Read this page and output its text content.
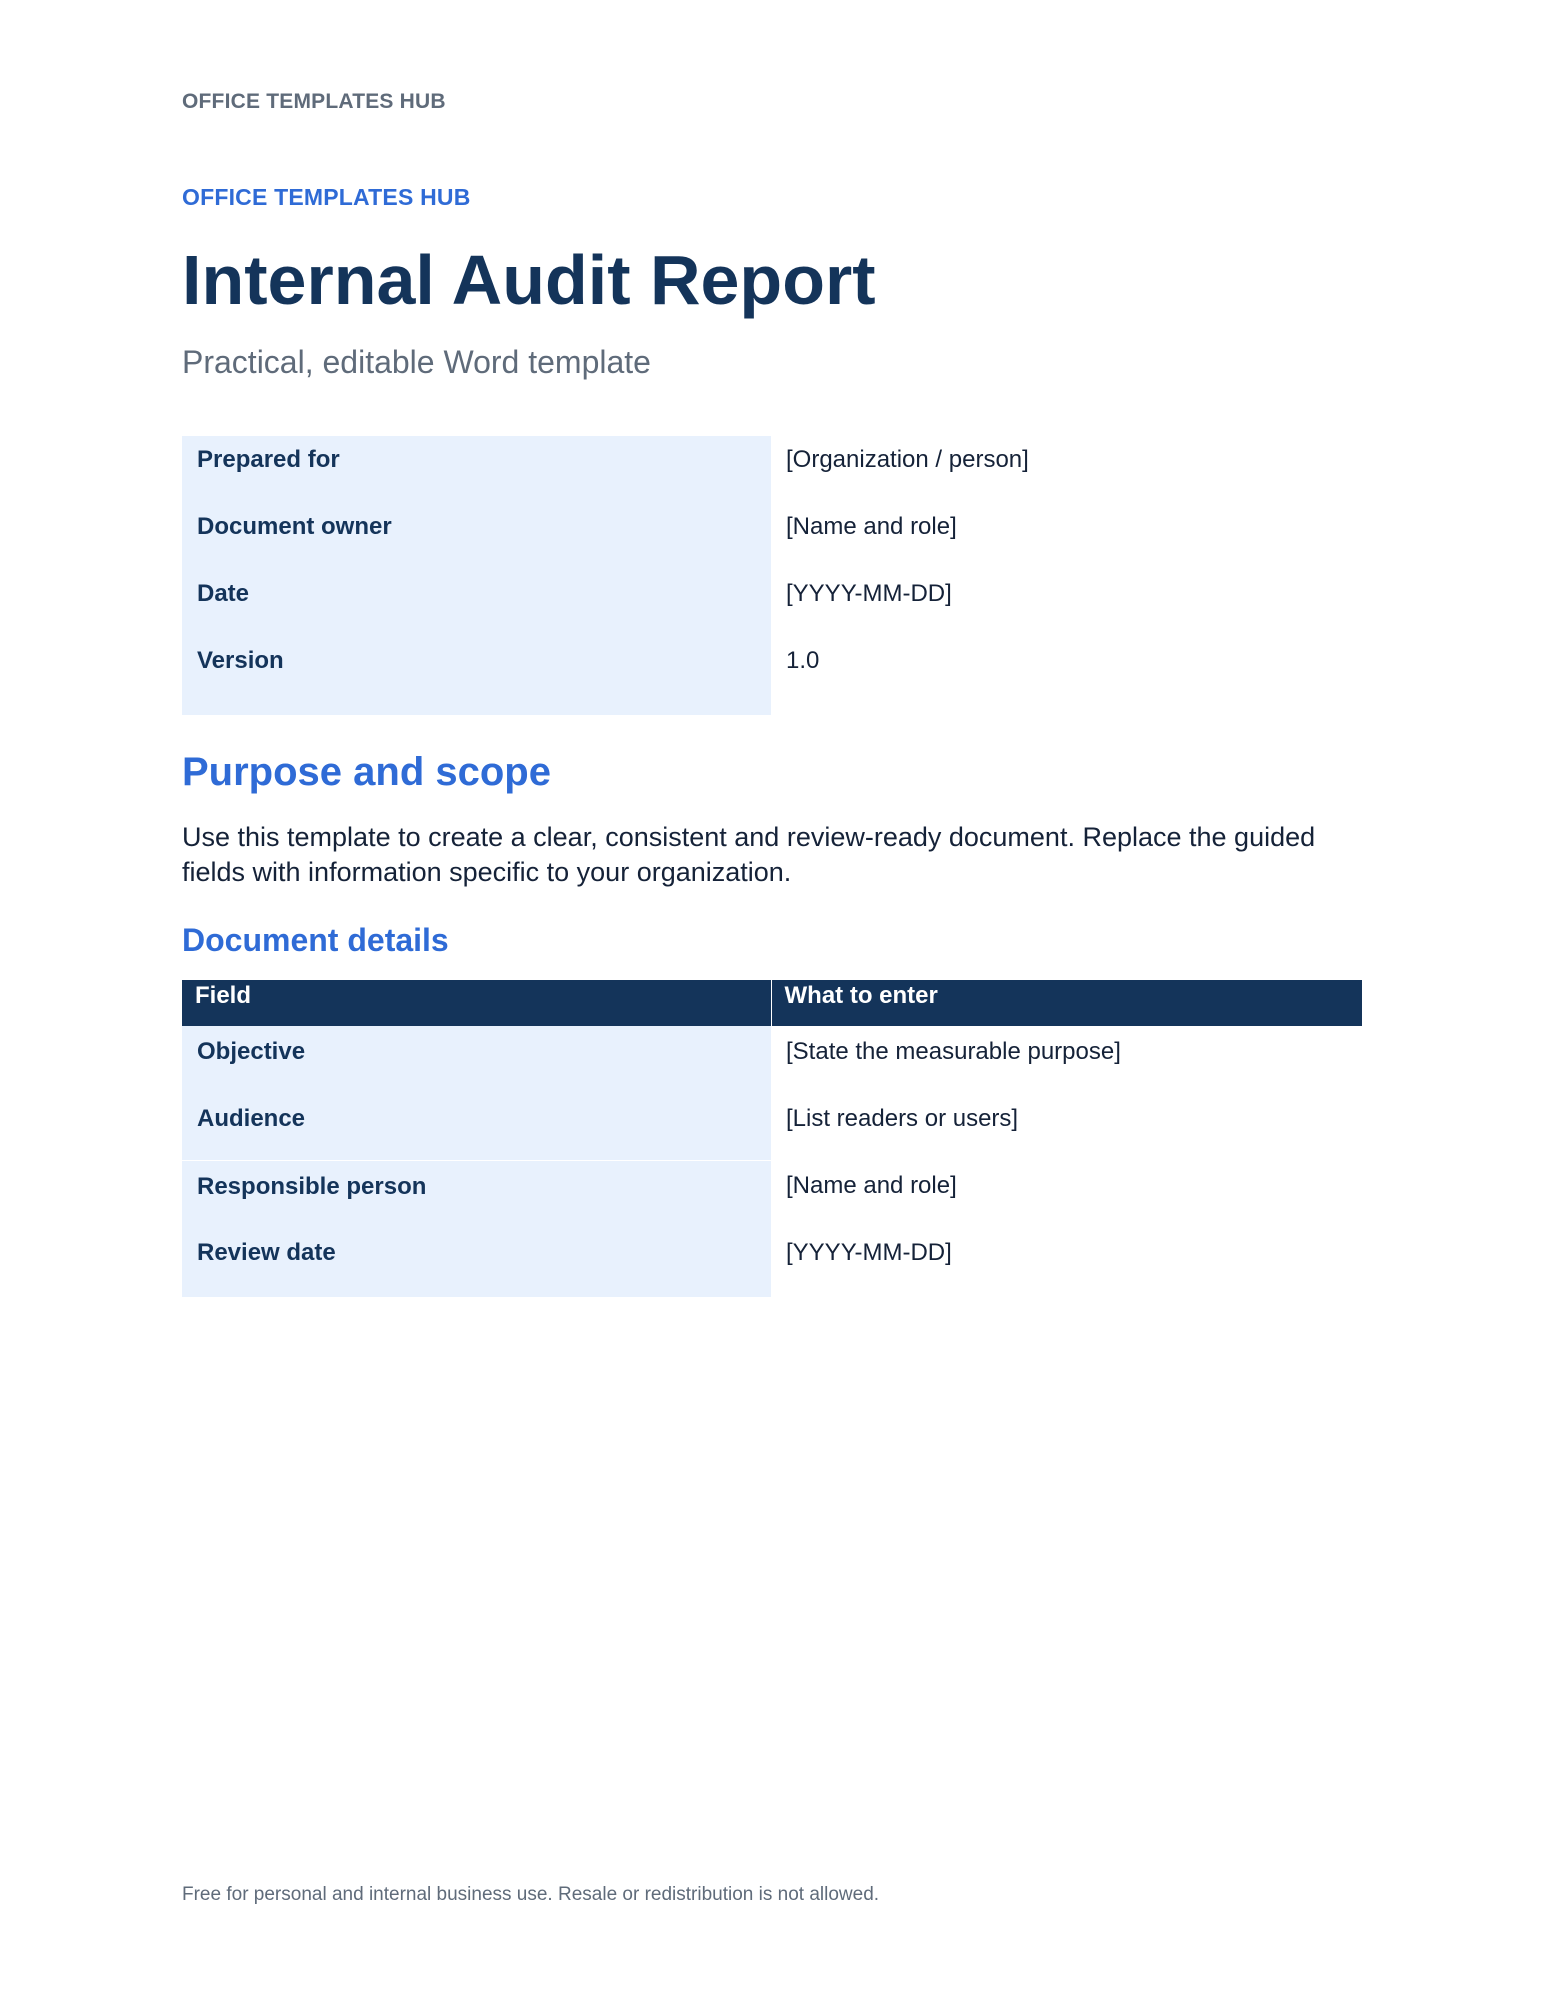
OFFICE TEMPLATES HUB
OFFICE TEMPLATES HUB
Internal Audit Report
Practical, editable Word template
Prepared for	[Organization / person]
Document owner	[Name and role]
Date	[YYYY-MM-DD]
Version	1.0
Purpose and scope

Use this template to create a clear, consistent and review-ready document. Replace the guided fields with information specific to your organization.

Document details
Field	What to enter
Objective	[State the measurable purpose]
Audience	[List readers or users]
Responsible person	[Name and role]
Review date	[YYYY-MM-DD]
Free for personal and internal business use. Resale or redistribution is not allowed.
